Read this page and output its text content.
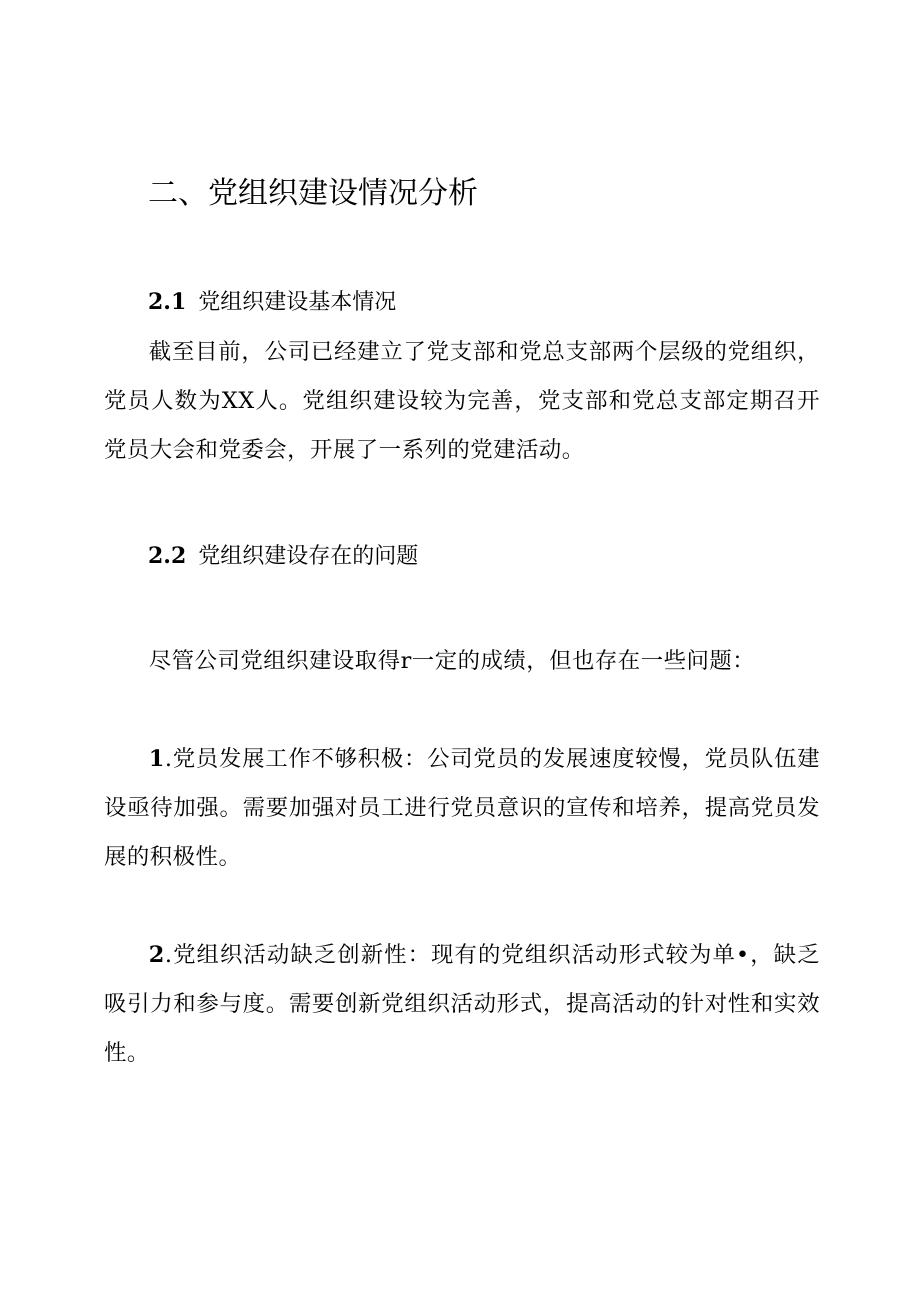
二、党组织建设情况分析
2.1 党组织建设基本情况

截至目前，公司已经建立了党支部和党总支部两个层级的党组织，党员人数为XX人。党组织建设较为完善，党支部和党总支部定期召开党员大会和党委会，开展了一系列的党建活动。

2.2 党组织建设存在的问题

尽管公司党组织建设取得r一定的成绩，但也存在一些问题：

1.党员发展工作不够积极：公司党员的发展速度较慢，党员队伍建设亟待加强。需要加强对员工进行党员意识的宣传和培养，提高党员发展的积极性。

2.党组织活动缺乏创新性：现有的党组织活动形式较为单•，缺乏吸引力和参与度。需要创新党组织活动形式，提高活动的针对性和实效性。
